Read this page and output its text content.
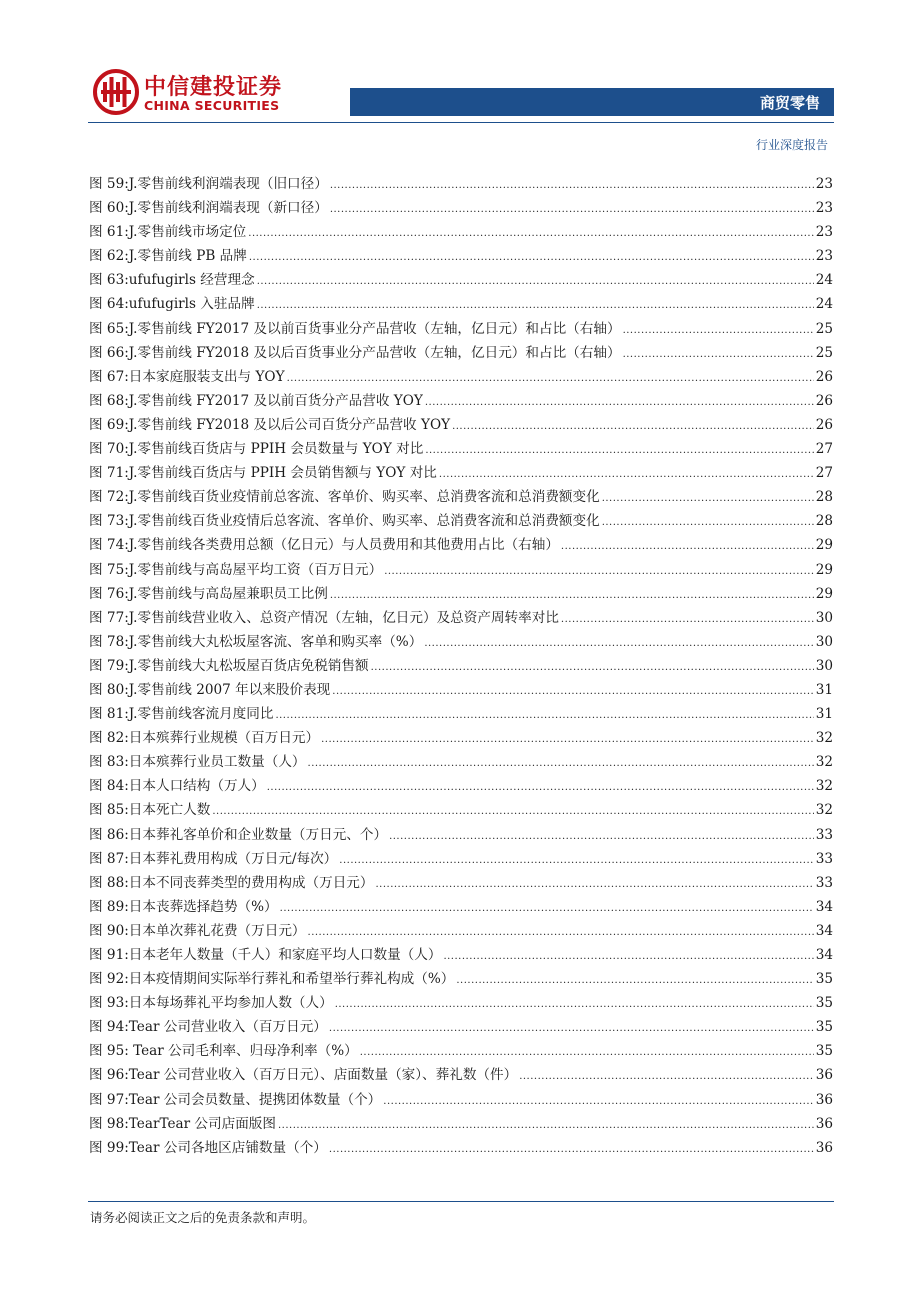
中信建投证券
CHINA SECURITIES	商贸零售
行业深度报告
图 59:J.零售前线利润端表现（旧口径） .....	23
图 60:J.零售前线利润端表现（新口径） .....	23
图 61:J.零售前线市场定位 .....	23
图 62:J.零售前线 PB 品牌 .....	23
图 63:ufufugirls 经营理念 .....	24
图 64:ufufugirls 入驻品牌 .....	24
图 65:J.零售前线 FY2017 及以前百货事业分产品营收（左轴，亿日元）和占比（右轴） .....	25
图 66:J.零售前线 FY2018 及以后百货事业分产品营收（左轴，亿日元）和占比（右轴） .....	25
图 67:日本家庭服装支出与 YOY .....	26
图 68:J.零售前线 FY2017 及以前百货分产品营收 YOY .....	26
图 69:J.零售前线 FY2018 及以后公司百货分产品营收 YOY .....	26
图 70:J.零售前线百货店与 PPIH 会员数量与 YOY 对比 .....	27
图 71:J.零售前线百货店与 PPIH 会员销售额与 YOY 对比 .....	27
图 72:J.零售前线百货业疫情前总客流、客单价、购买率、总消费客流和总消费额变化 .....	28
图 73:J.零售前线百货业疫情后总客流、客单价、购买率、总消费客流和总消费额变化 .....	28
图 74:J.零售前线各类费用总额（亿日元）与人员费用和其他费用占比（右轴） .....	29
图 75:J.零售前线与高岛屋平均工资（百万日元） .....	29
图 76:J.零售前线与高岛屋兼职员工比例 .....	29
图 77:J.零售前线营业收入、总资产情况（左轴，亿日元）及总资产周转率对比 .....	30
图 78:J.零售前线大丸松坂屋客流、客单和购买率（%） .....	30
图 79:J.零售前线大丸松坂屋百货店免税销售额 .....	30
图 80:J.零售前线 2007 年以来股价表现 .....	31
图 81:J.零售前线客流月度同比 .....	31
图 82:日本殡葬行业规模（百万日元） .....	32
图 83:日本殡葬行业员工数量（人） .....	32
图 84:日本人口结构（万人） .....	32
图 85:日本死亡人数 .....	32
图 86:日本葬礼客单价和企业数量（万日元、个） .....	33
图 87:日本葬礼费用构成（万日元/每次） .....	33
图 88:日本不同丧葬类型的费用构成（万日元） .....	33
图 89:日本丧葬选择趋势（%） .....	34
图 90:日本单次葬礼花费（万日元） .....	34
图 91:日本老年人数量（千人）和家庭平均人口数量（人） .....	34
图 92:日本疫情期间实际举行葬礼和希望举行葬礼构成（%） .....	35
图 93:日本每场葬礼平均参加人数（人） .....	35
图 94:Tear 公司营业收入（百万日元） .....	35
图 95: Tear 公司毛利率、归母净利率（%） .....	35
图 96:Tear 公司营业收入（百万日元）、店面数量（家）、葬礼数（件） .....	36
图 97:Tear 公司会员数量、提携团体数量（个） .....	36
图 98:TearTear 公司店面版图 .....	36
图 99:Tear 公司各地区店铺数量（个） .....	36
请务必阅读正文之后的免责条款和声明。
